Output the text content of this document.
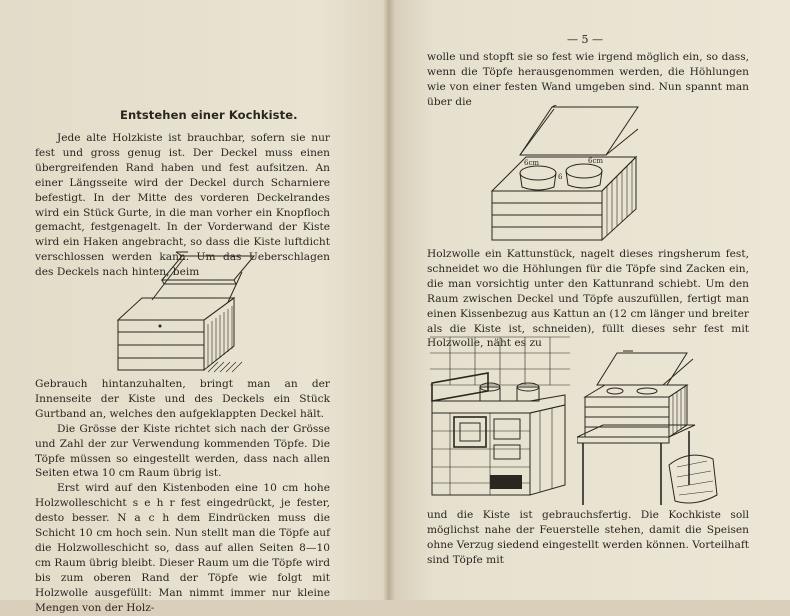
Entstehen einer Kochkiste.

Jede alte Holzkiste ist brauchbar, sofern sie nur fest und gross genug ist. Der Deckel muss einen übergreifenden Rand haben und fest aufsitzen. An einer Längsseite wird der Deckel durch Scharniere befestigt. In der Mitte des vorderen Deckelrandes wird ein Stück Gurte, in die man vorher ein Knopfloch gemacht, festgenagelt. In der Vorderwand der Kiste wird ein Haken angebracht, so dass die Kiste luftdicht verschlossen werden kann. Um das Ueberschlagen des Deckels nach hinten, beim

Gebrauch hintanzuhalten, bringt man an der Innenseite der Kiste und des Deckels ein Stück Gurtband an, welches den aufgeklappten Deckel hält.

Die Grösse der Kiste richtet sich nach der Grösse und Zahl der zur Verwendung kommenden Töpfe. Die Töpfe müssen so eingestellt werden, dass nach allen Seiten etwa 10 cm Raum übrig ist.

Erst wird auf den Kistenboden eine 10 cm hohe Holzwolleschicht s e h r fest eingedrückt, je fester, desto besser. N a c h dem Eindrücken muss die Schicht 10 cm hoch sein. Nun stellt man die Töpfe auf die Holzwolleschicht so, dass auf allen Seiten 8—10 cm Raum übrig bleibt. Dieser Raum um die Töpfe wird bis zum oberen Rand der Töpfe wie folgt mit Holzwolle ausgefüllt: Man nimmt immer nur kleine Mengen von der Holz-

— 5 —

wolle und stopft sie so fest wie irgend möglich ein, so dass, wenn die Töpfe herausgenommen werden, die Höhlungen wie von einer festen Wand umgeben sind. Nun spannt man über die

6cm	6cm
6

Holzwolle ein Kattunstück, nagelt dieses ringsherum fest, schneidet wo die Höhlungen für die Töpfe sind Zacken ein, die man vorsichtig unter den Kattunrand schiebt. Um den Raum zwischen Deckel und Töpfe auszufüllen, fertigt man einen Kissenbezug aus Kattun an (12 cm länger und breiter als die Kiste ist, schneiden), füllt dieses sehr fest mit Holzwolle, näht es zu

und die Kiste ist gebrauchsfertig. Die Kochkiste soll möglichst nahe der Feuerstelle stehen, damit die Speisen ohne Verzug siedend eingestellt werden können. Vorteilhaft sind Töpfe mit
